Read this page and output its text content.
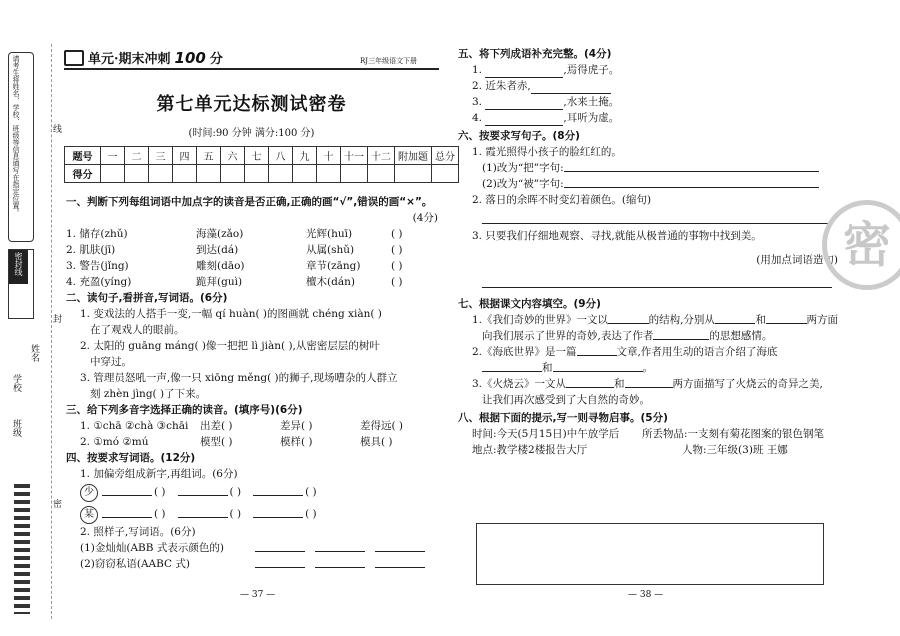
请考生将姓名、学校、班级等信息填写在指定位置。
密封线
学校
班级
姓名
线
封
密
单元·期末冲刺 100 分	RJ三年级语文下册
第七单元达标测试密卷
(时间:90 分钟 满分:100 分)
题号	一	二	三	四	五	六	七	八	九	十	十一	十二	附加题	总分
得分														
一、判断下列每组词语中加点字的读音是否正确,正确的画“√”,错误的画“×”。
(4分)
1. 储存(zhǔ)	海藻(zǎo)	光辉(huī)	( )
2. 肌肤(jī)	到达(dá)	从属(shǔ)	( )
3. 警告(jǐng)	雕刻(dāo)	章节(zāng)	( )
4. 充盈(yíng)	跪拜(guì)	檀木(dán)	( )
二、读句子,看拼音,写词语。(6分)
1. 变戏法的人搭手一变,一幅 qí huàn( )的图画就 chéng xiàn( )
在了观戏人的眼前。
2. 太阳的 guāng máng( )像一把把 lì jiàn( ),从密密层层的树叶
中穿过。
3. 管理员怒吼一声,像一只 xiōng měng( )的狮子,现场嘈杂的人群立
刻 zhèn jìng( )了下来。
三、给下列多音字选择正确的读音。(填序号)(6分)
1. ①chā ②chà ③chāi	出差( )	差异( )	差得远( )
2. ①mó ②mú	模型( )	模样( )	模具( )
四、按要求写词语。(12分)
1. 加偏旁组成新字,再组词。(6分)
少	( )	( )	( )
某	( )	( )	( )
2. 照样子,写词语。(6分)
(1)金灿灿(ABB 式表示颜色的)
(2)窃窃私语(AABC 式)
— 37 —
五、将下列成语补充完整。(4分)
1.	,焉得虎子。
2. 近朱者赤,
3.	,水来土掩。
4.	,耳听为虚。
六、按要求写句子。(8分)
1. 霞光照得小孩子的脸红红的。
(1)改为“把”字句:
(2)改为“被”字句:
2. 落日的余晖不时变幻着颜色。(缩句)
3. 只要我们仔细地观察、寻找,就能从极普通的事物中找到美。
(用加点词语造句)
七、根据课文内容填空。(9分)
1.《我们奇妙的世界》一文以	的结构,分别从	和	两方面
向我们展示了世界的奇妙,表达了作者	的思想感情。
2.《海底世界》是一篇	文章,作者用生动的语言介绍了海底
和	。
3.《火烧云》一文从	和	两方面描写了火烧云的奇异之美,
让我们再次感受到了大自然的奇妙。
八、根据下面的提示,写一则寻物启事。(5分)
时间:今天(5月15日)中午放学后	所丢物品:一支刻有菊花图案的银色钢笔
地点:教学楼2楼报告大厅	人物:三年级(3)班 王娜
密
— 38 —
